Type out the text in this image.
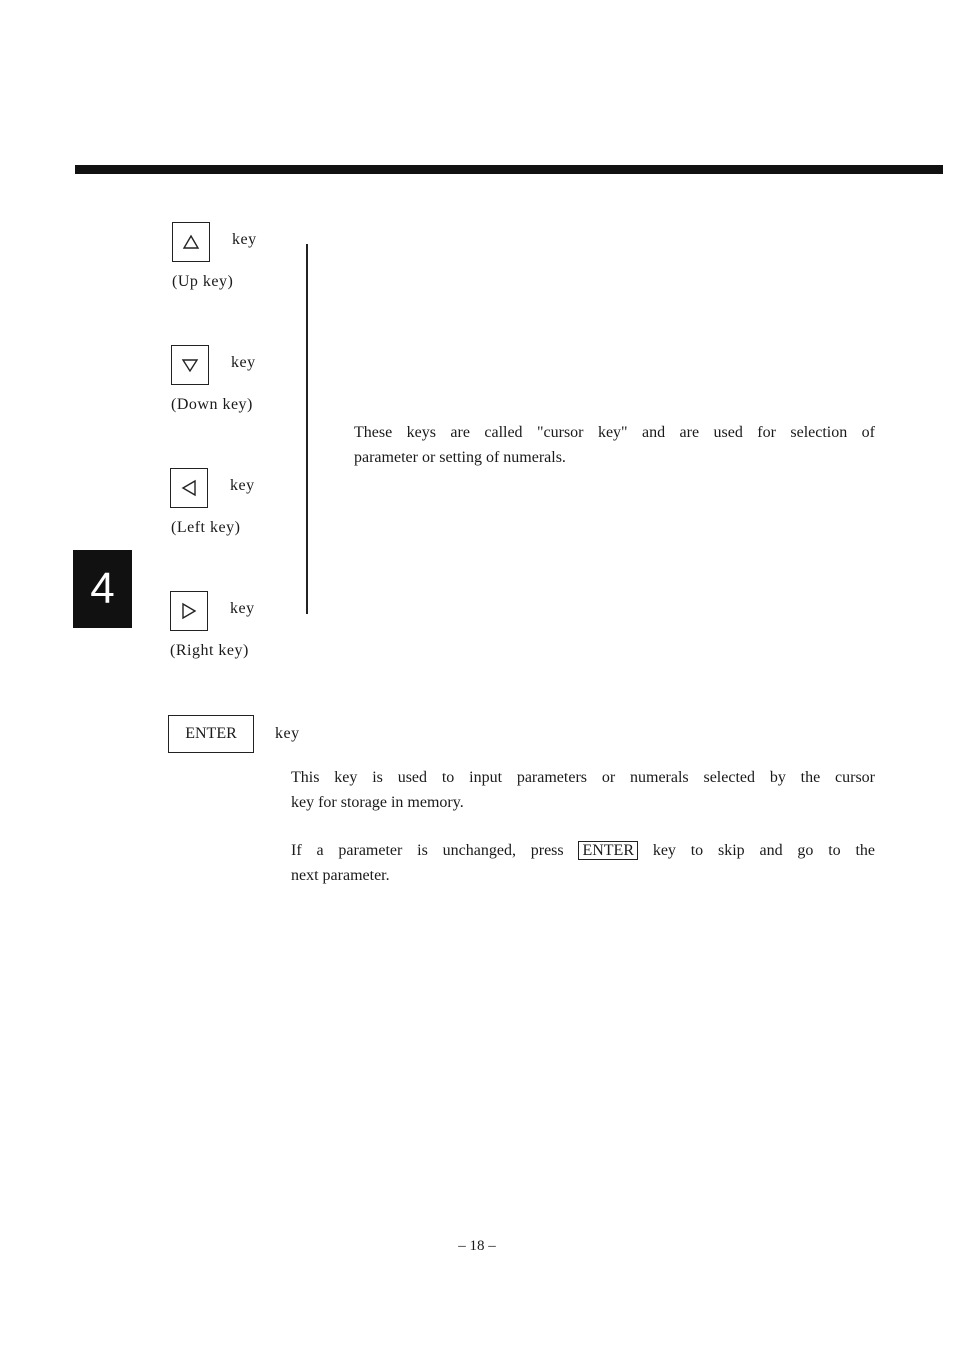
4
key
(Up key)
key
(Down key)
key
(Left key)
key
(Right key)
These keys are called "cursor key" and are used for selection of
parameter or setting of numerals.
ENTER	key
This key is used to input parameters or numerals selected by the cursor
key for storage in memory.
If a parameter is unchanged, press ENTER key to skip and go to the
next parameter.
– 18 –
